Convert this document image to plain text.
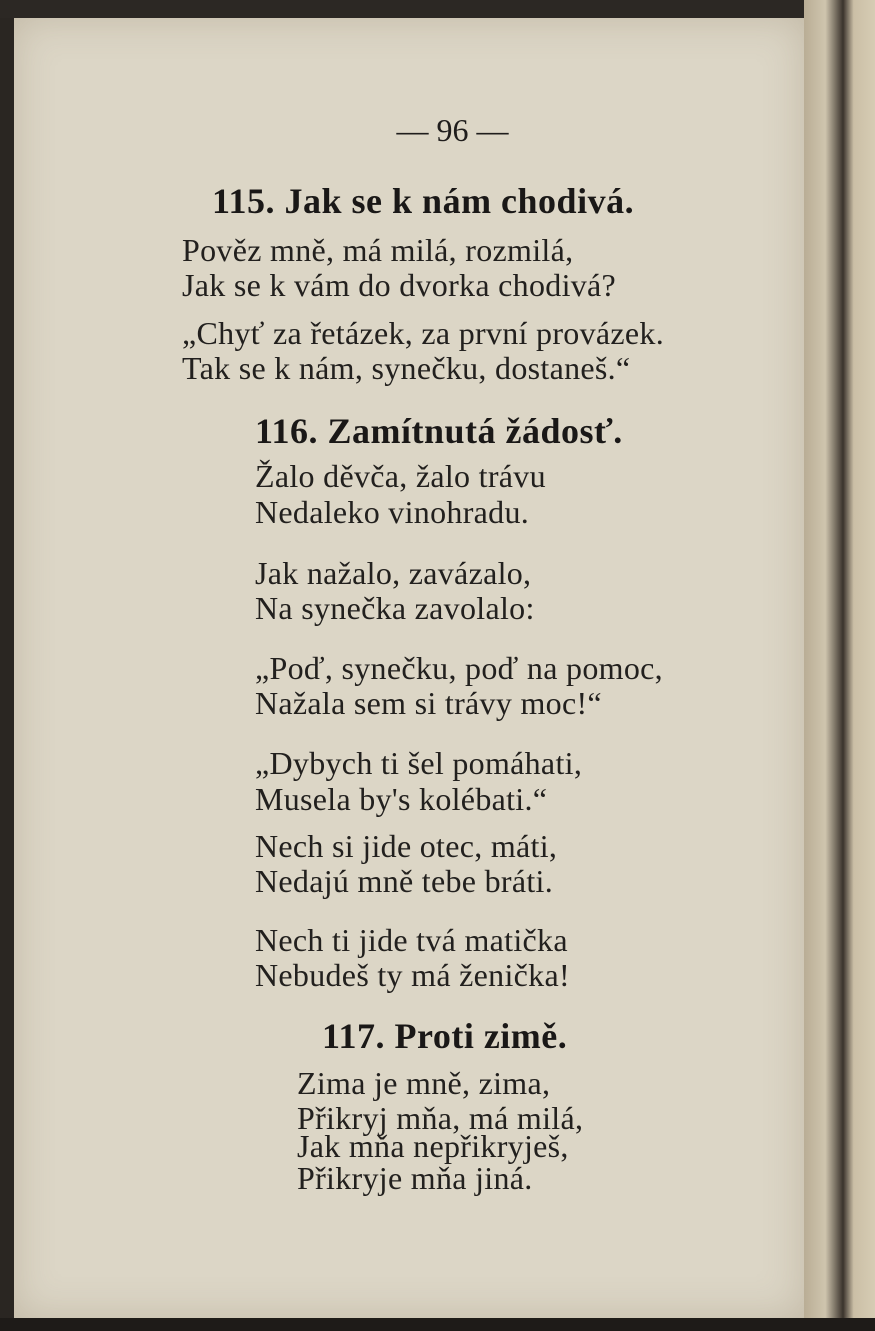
— 96 —
115. Jak se k nám chodivá.
Pověz mně, má milá, rozmilá,
Jak se k vám do dvorka chodivá?
„Chyť za řetázek, za první provázek.
Tak se k nám, synečku, dostaneš.“
116. Zamítnutá žádosť.
Žalo děvča, žalo trávu
Nedaleko vinohradu.
Jak nažalo, zavázalo,
Na synečka zavolalo:
„Poď, synečku, poď na pomoc,
Nažala sem si trávy moc!“
„Dybych ti šel pomáhati,
Musela by's kolébati.“
Nech si jide otec, máti,
Nedajú mně tebe bráti.
Nech ti jide tvá matička
Nebudeš ty má ženička!
117. Proti zimě.
Zima je mně, zima,
Přikryj mňa, má milá,
Jak mňa nepřikryješ,
Přikryje mňa jiná.
